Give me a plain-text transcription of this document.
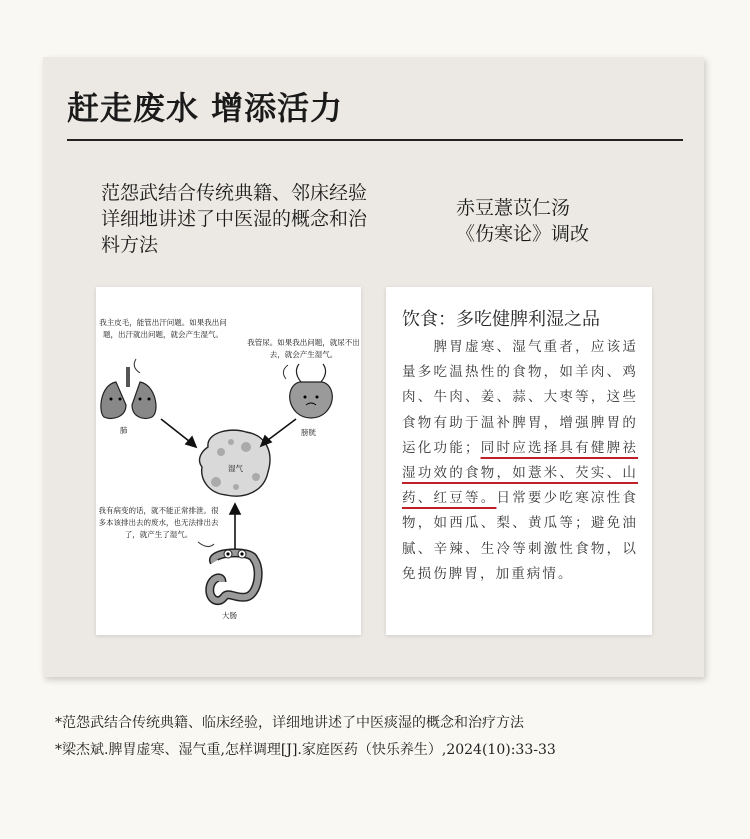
赶走废水 增添活力
范怨武结合传统典籍、邻床经验详细地讲述了中医湿的概念和治料方法
赤豆薏苡仁汤
《伤寒论》调改
我主皮毛，能管出汗问题。如果我出问题，出汗就出问题，就会产生湿气。
我管尿。如果我出问题，就尿不出去，就会产生湿气。
我有病变的话，就不能正常排泄。很多本该排出去的废水，也无法排出去了，就产生了湿气。
肺	膀胱
湿气
大肠
饮食：多吃健脾利湿之品
　　脾胃虚寒、湿气重者，应该适量多吃温热性的食物，如羊肉、鸡肉、牛肉、姜、蒜、大枣等，这些食物有助于温补脾胃，增强脾胃的运化功能；同时应选择具有健脾祛湿功效的食物，如薏米、芡实、山药、红豆等。日常要少吃寒凉性食物，如西瓜、梨、黄瓜等；避免油腻、辛辣、生冷等刺激性食物，以免损伤脾胃，加重病情。
*范怨武结合传统典籍、临床经验，详细地讲述了中医痰湿的概念和治疗方法
*梁杰斌.脾胃虚寒、湿气重,怎样调理[J].家庭医药（快乐养生）,2024(10):33-33
